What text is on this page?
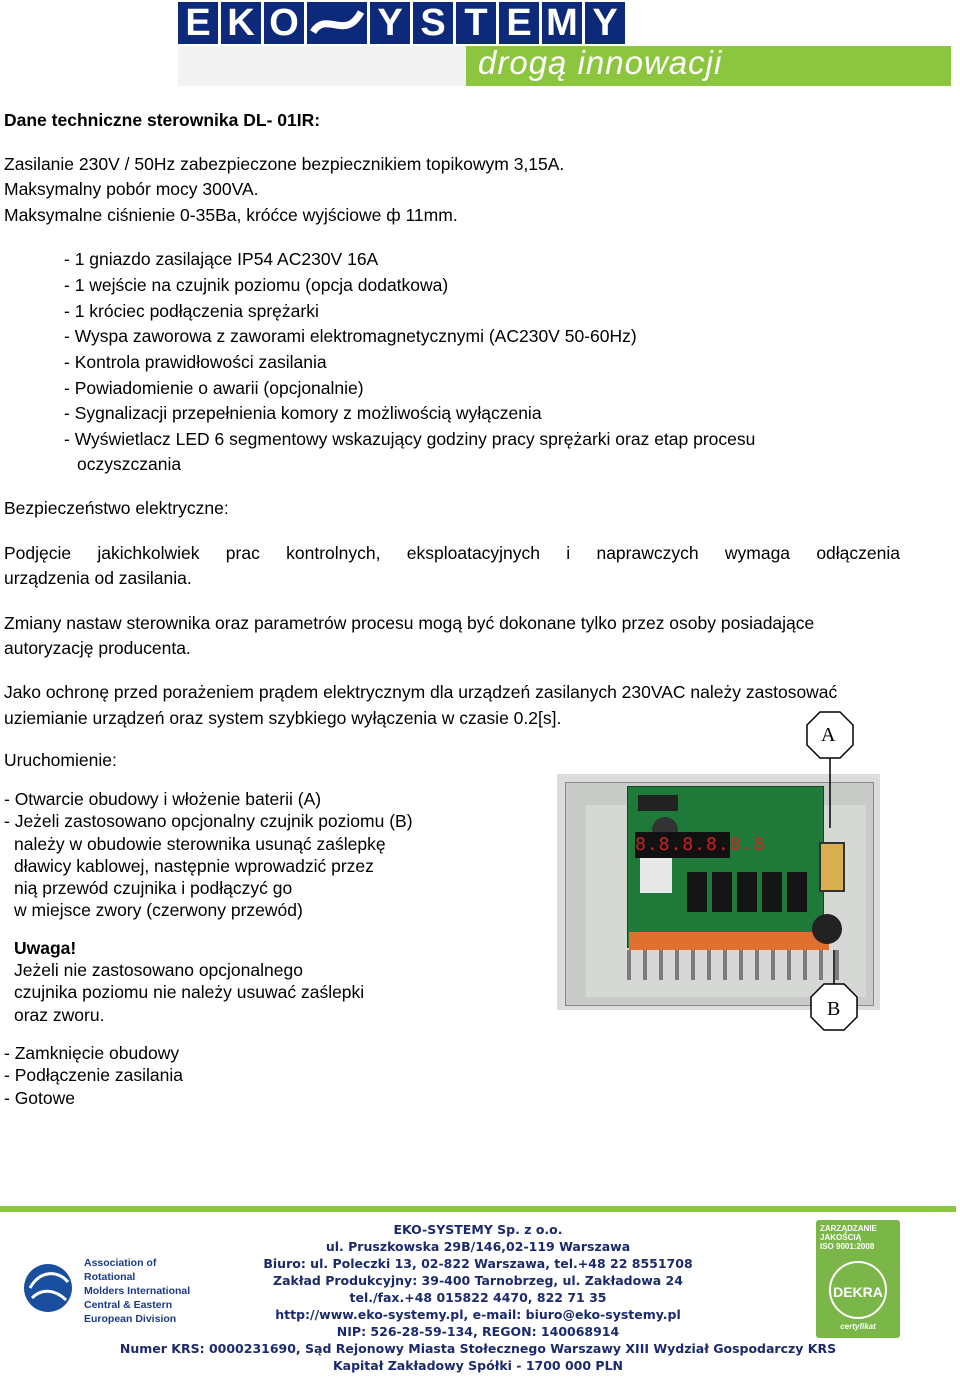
E K O Y S T E M Y
drogą innowacji
Dane techniczne sterownika DL- 01IR:
Zasilanie 230V / 50Hz zabezpieczone bezpiecznikiem topikowym 3,15A.
Maksymalny pobór mocy 300VA.
Maksymalne ciśnienie 0-35Ba, króćce wyjściowe ф 11mm.
- 1 gniazdo zasilające IP54 AC230V 16A
- 1 wejście na czujnik poziomu (opcja dodatkowa)
- 1 króciec podłączenia sprężarki
- Wyspa zaworowa z zaworami elektromagnetycznymi (AC230V 50-60Hz)
- Kontrola prawidłowości zasilania
- Powiadomienie o awarii (opcjonalnie)
- Sygnalizacji przepełnienia komory z możliwością wyłączenia
- Wyświetlacz LED 6 segmentowy wskazujący godziny pracy sprężarki oraz etap procesu
oczyszczania
Bezpieczeństwo elektryczne:
Podjęcie jakichkolwiek prac kontrolnych, eksploatacyjnych i naprawczych wymaga odłączenia
urządzenia od zasilania.
Zmiany nastaw sterownika oraz parametrów procesu mogą być dokonane tylko przez osoby posiadające
autoryzację producenta.
Jako ochronę przed porażeniem prądem elektrycznym dla urządzeń zasilanych 230VAC należy zastosować
uziemianie urządzeń oraz system szybkiego wyłączenia w czasie 0.2[s].
Uruchomienie:
- Otwarcie obudowy i włożenie baterii (A)
- Jeżeli zastosowano opcjonalny czujnik poziomu (B)
należy w obudowie sterownika usunąć zaślepkę
dławicy kablowej, następnie wprowadzić przez
nią przewód czujnika i podłączyć go
w miejsce zwory (czerwony przewód)
Uwaga!
Jeżeli nie zastosowano opcjonalnego
czujnika poziomu nie należy usuwać zaślepki
oraz zworu.
- Zamknięcie obudowy
- Podłączenie zasilania
- Gotowe
8.8.8.8.8.8
A
B
Association of Rotational
Molders International
Central & Eastern
European Division
EKO-SYSTEMY Sp. z o.o.
ul. Pruszkowska 29B/146,02-119 Warszawa
Biuro: ul. Poleczki 13, 02-822 Warszawa, tel.+48 22 8551708
Zakład Produkcyjny: 39-400 Tarnobrzeg, ul. Zakładowa 24
tel./fax.+48 015822 4470, 822 71 35
http://www.eko-systemy.pl, e-mail: biuro@eko-systemy.pl
NIP: 526-28-59-134, REGON: 140068914
Numer KRS: 0000231690, Sąd Rejonowy Miasta Stołecznego Warszawy XIII Wydział Gospodarczy KRS
Kapitał Zakładowy Spółki - 1700 000 PLN
ZARZĄDZANIE
JAKOŚCIĄ
ISO 9001:2008
DEKRA
certyfikat
